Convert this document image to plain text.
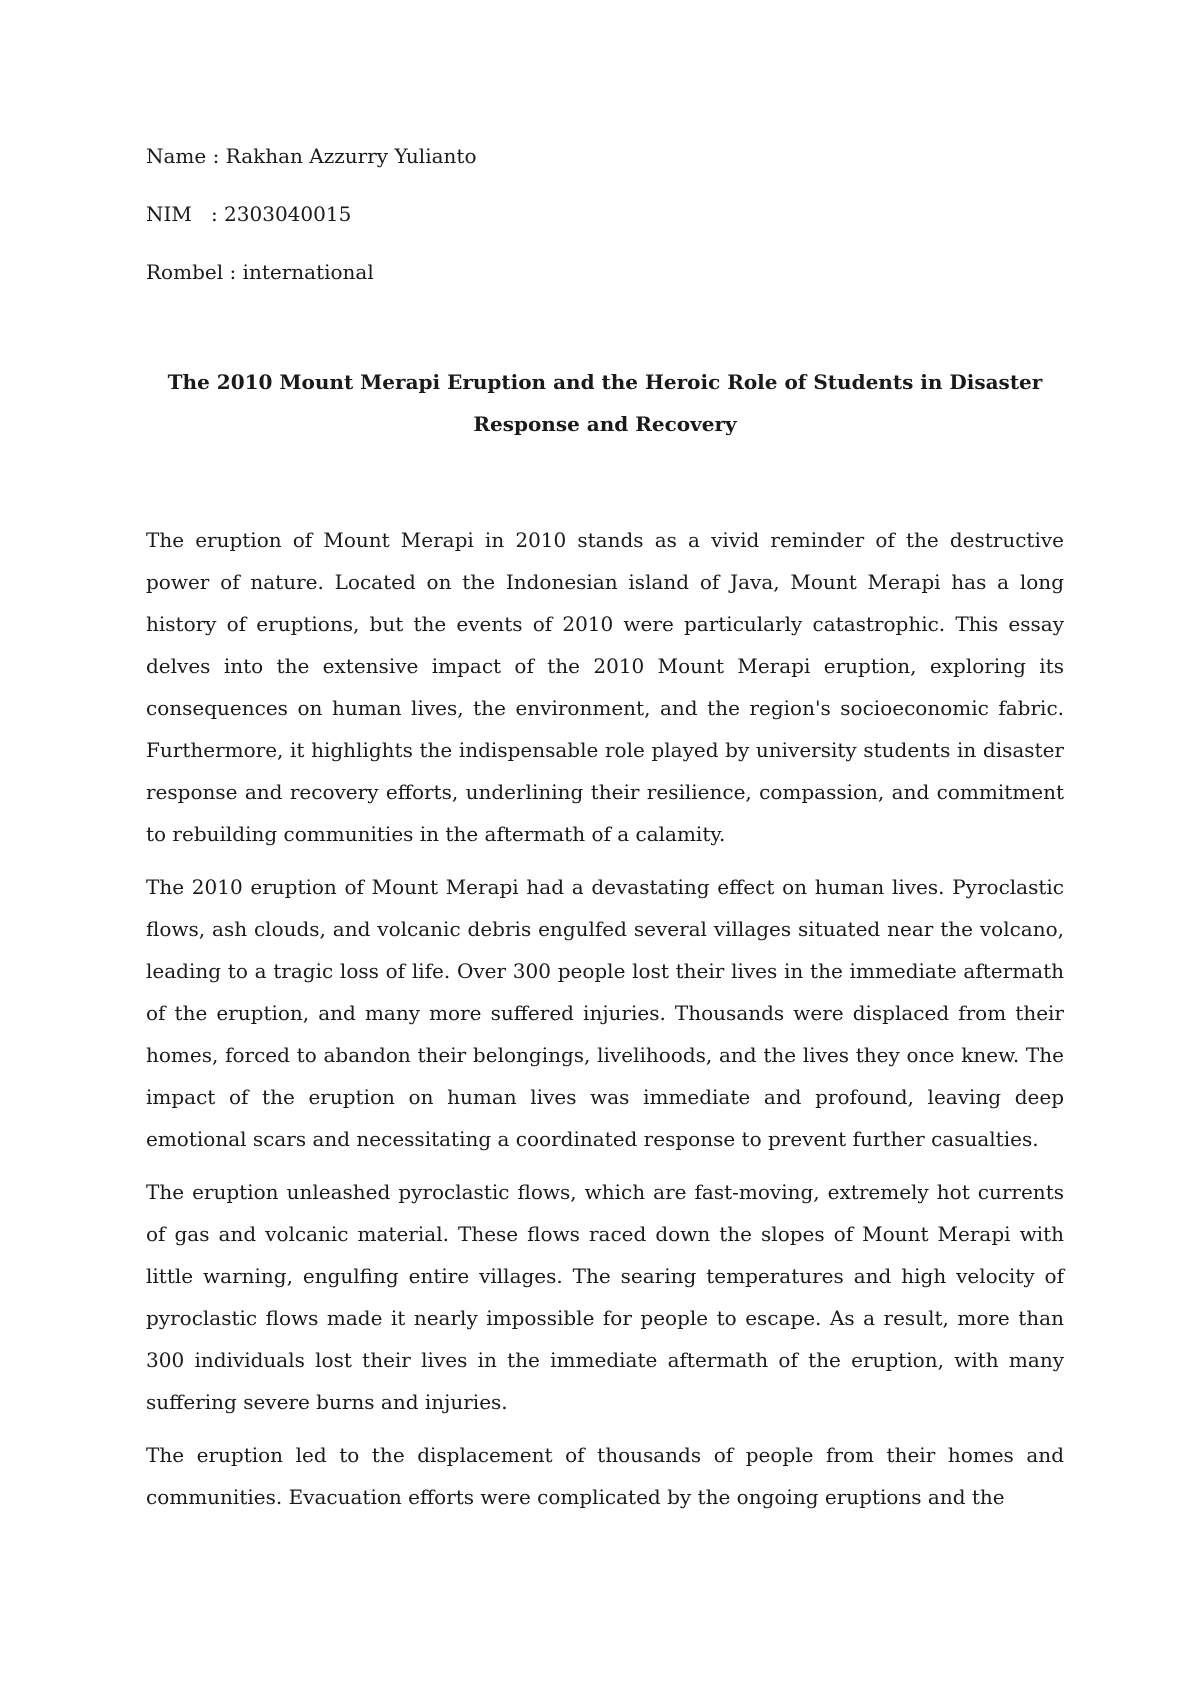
Name : Rakhan Azzurry Yulianto

NIM   : 2303040015

Rombel : international

The 2010 Mount Merapi Eruption and the Heroic Role of Students in Disaster Response and Recovery

The eruption of Mount Merapi in 2010 stands as a vivid reminder of the destructive power of nature. Located on the Indonesian island of Java, Mount Merapi has a long history of eruptions, but the events of 2010 were particularly catastrophic. This essay delves into the extensive impact of the 2010 Mount Merapi eruption, exploring its consequences on human lives, the environment, and the region's socioeconomic fabric. Furthermore, it highlights the indispensable role played by university students in disaster response and recovery efforts, underlining their resilience, compassion, and commitment to rebuilding communities in the aftermath of a calamity.

The 2010 eruption of Mount Merapi had a devastating effect on human lives. Pyroclastic flows, ash clouds, and volcanic debris engulfed several villages situated near the volcano, leading to a tragic loss of life. Over 300 people lost their lives in the immediate aftermath of the eruption, and many more suffered injuries. Thousands were displaced from their homes, forced to abandon their belongings, livelihoods, and the lives they once knew. The impact of the eruption on human lives was immediate and profound, leaving deep emotional scars and necessitating a coordinated response to prevent further casualties.

The eruption unleashed pyroclastic flows, which are fast-moving, extremely hot currents of gas and volcanic material. These flows raced down the slopes of Mount Merapi with little warning, engulfing entire villages. The searing temperatures and high velocity of pyroclastic flows made it nearly impossible for people to escape. As a result, more than 300 individuals lost their lives in the immediate aftermath of the eruption, with many suffering severe burns and injuries.

The eruption led to the displacement of thousands of people from their homes and communities. Evacuation efforts were complicated by the ongoing eruptions and the
